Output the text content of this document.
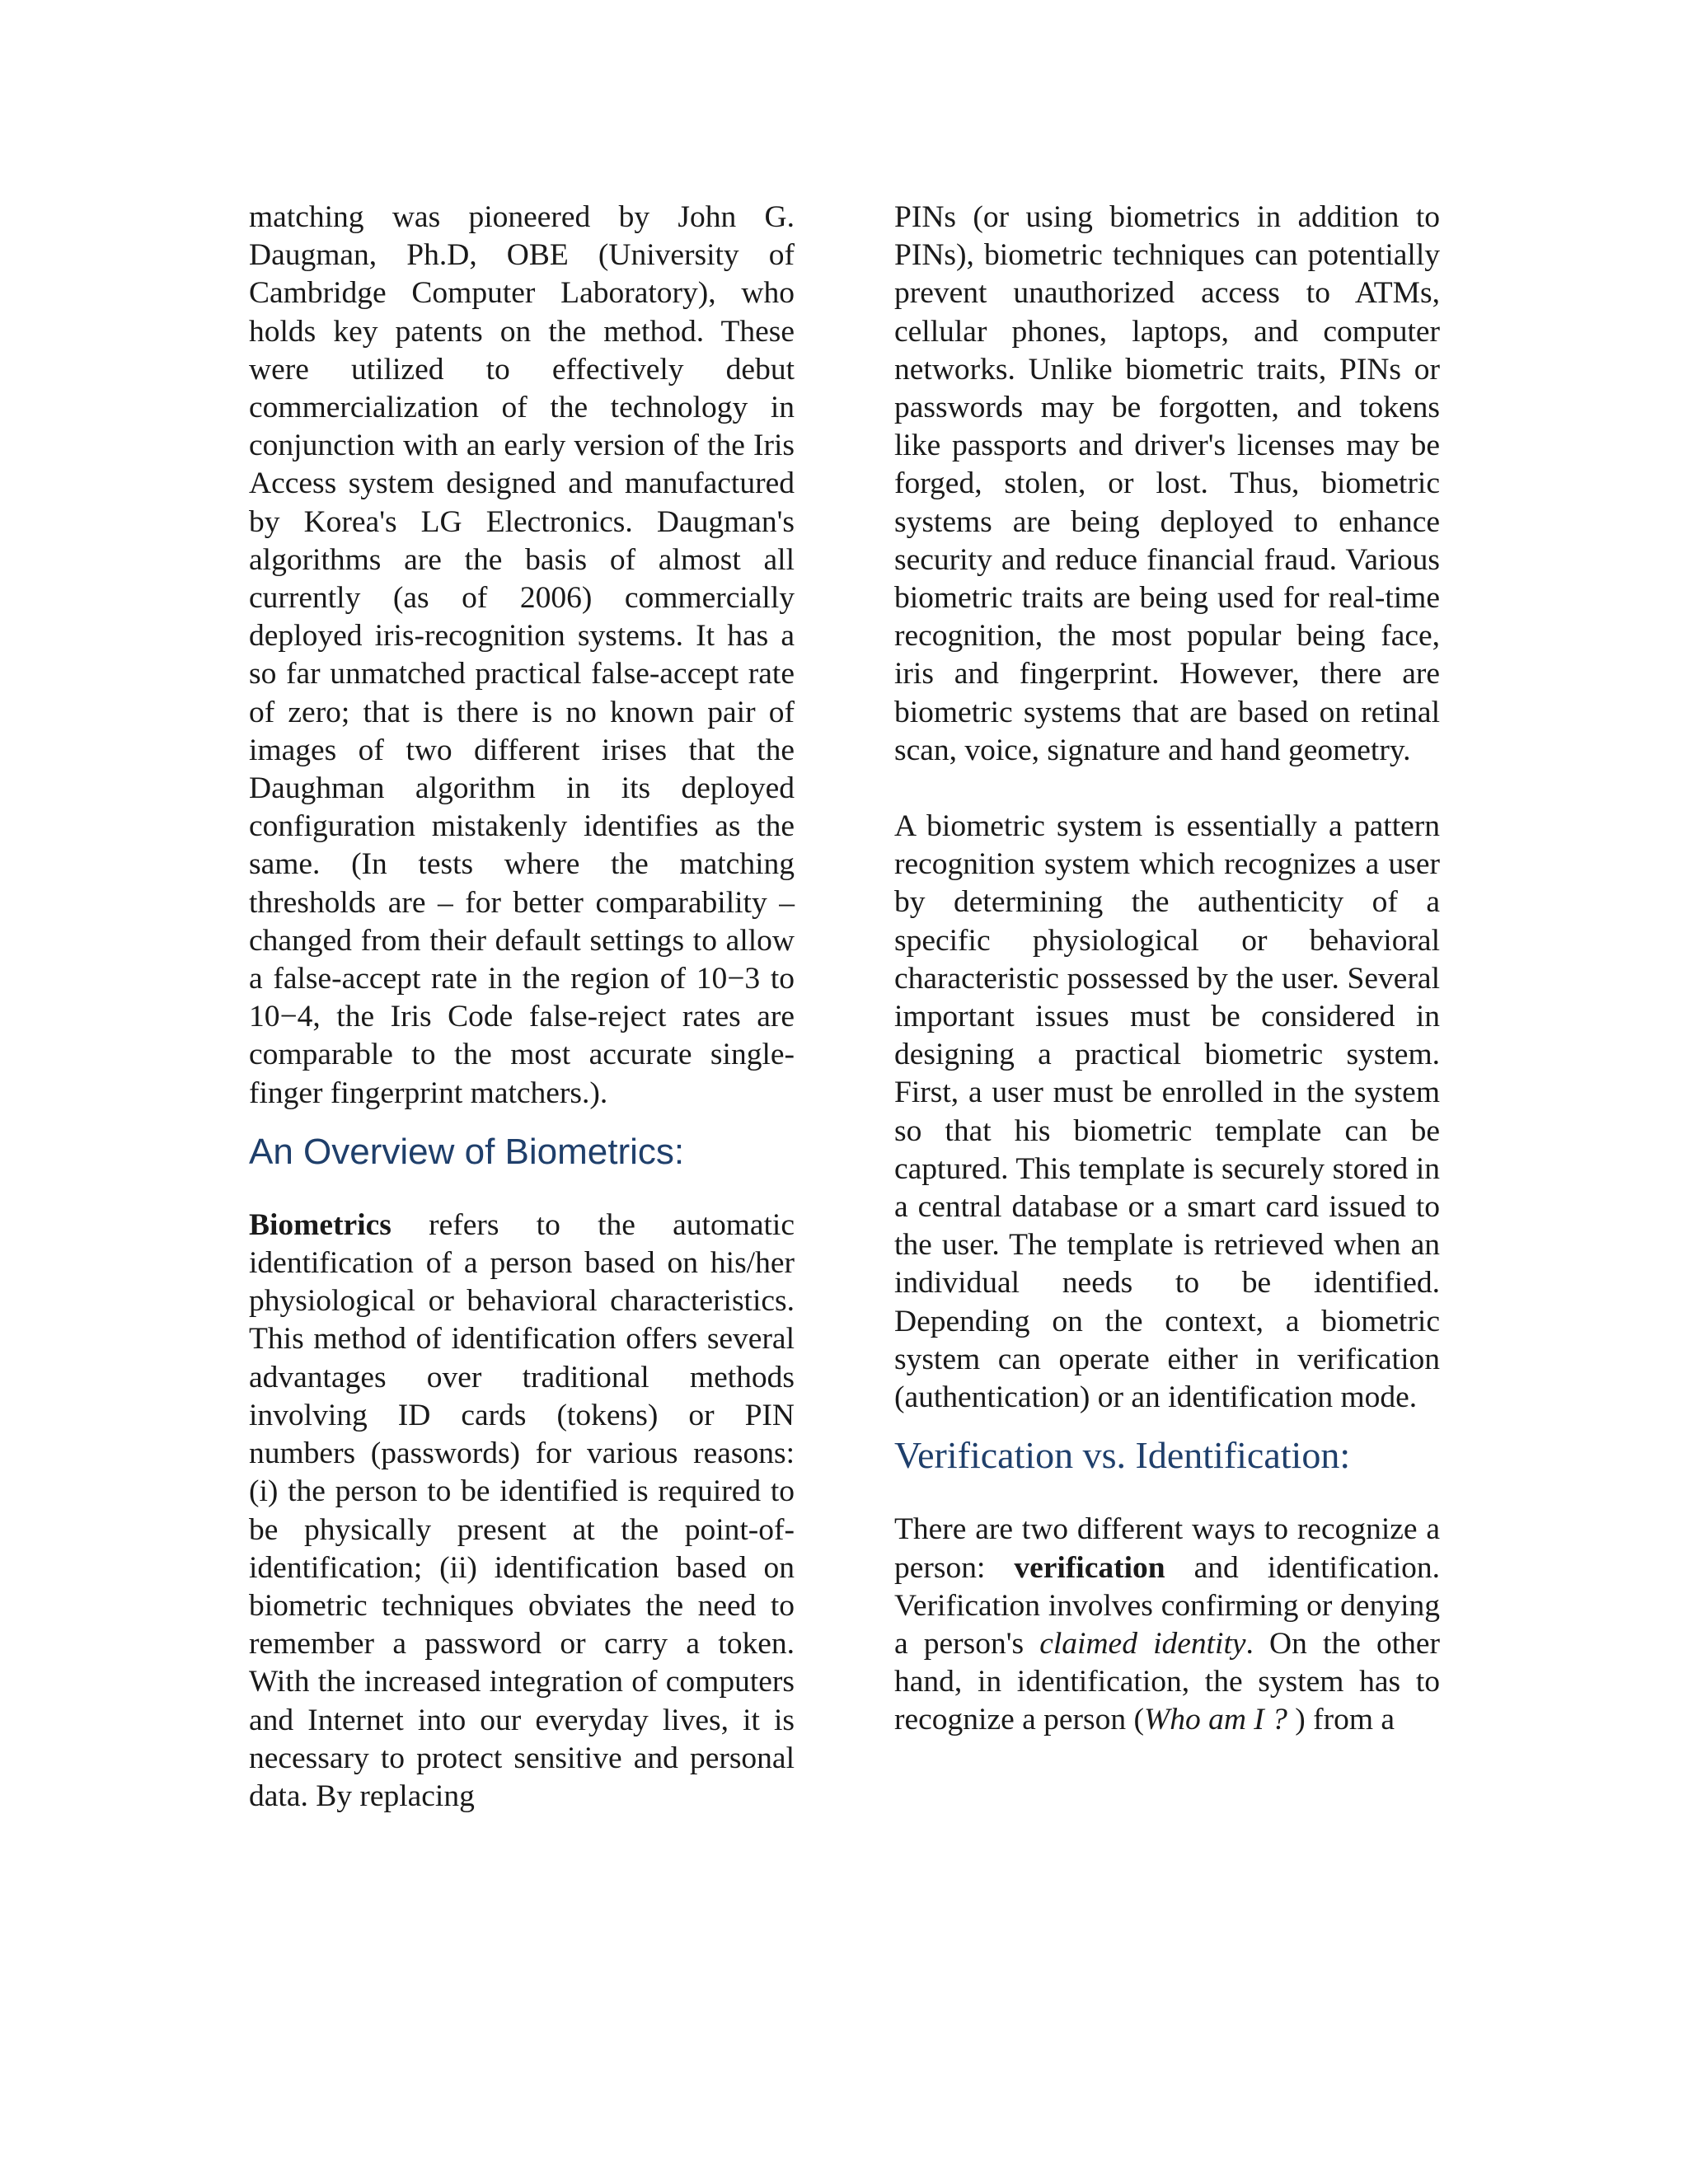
matching was pioneered by John G. Daugman, Ph.D, OBE (University of Cambridge Computer Laboratory), who holds key patents on the method. These were utilized to effectively debut commercialization of the technology in conjunction with an early version of the Iris Access system designed and manufactured by Korea's LG Electronics. Daugman's algorithms are the basis of almost all currently (as of 2006) commercially deployed iris-recognition systems. It has a so far unmatched practical false-accept rate of zero; that is there is no known pair of images of two different irises that the Daughman algorithm in its deployed configuration mistakenly identifies as the same. (In tests where the matching thresholds are – for better comparability – changed from their default settings to allow a false-accept rate in the region of 10−3 to 10−4, the Iris Code false-reject rates are comparable to the most accurate single-finger fingerprint matchers.).

An Overview of Biometrics:

Biometrics refers to the automatic identification of a person based on his/her physiological or behavioral characteristics. This method of identification offers several advantages over traditional methods involving ID cards (tokens) or PIN numbers (passwords) for various reasons: (i) the person to be identified is required to be physically present at the point-of-identification; (ii) identification based on biometric techniques obviates the need to remember a password or carry a token. With the increased integration of computers and Internet into our everyday lives, it is necessary to protect sensitive and personal data. By replacing

PINs (or using biometrics in addition to PINs), biometric techniques can potentially prevent unauthorized access to ATMs, cellular phones, laptops, and computer networks. Unlike biometric traits, PINs or passwords may be forgotten, and tokens like passports and driver's licenses may be forged, stolen, or lost. Thus, biometric systems are being deployed to enhance security and reduce financial fraud. Various biometric traits are being used for real-time recognition, the most popular being face, iris and fingerprint. However, there are biometric systems that are based on retinal scan, voice, signature and hand geometry.

A biometric system is essentially a pattern recognition system which recognizes a user by determining the authenticity of a specific physiological or behavioral characteristic possessed by the user. Several important issues must be considered in designing a practical biometric system. First, a user must be enrolled in the system so that his biometric template can be captured. This template is securely stored in a central database or a smart card issued to the user. The template is retrieved when an individual needs to be identified. Depending on the context, a biometric system can operate either in verification (authentication) or an identification mode.

Verification vs. Identification:

There are two different ways to recognize a person: verification and identification. Verification involves confirming or denying a person's claimed identity. On the other hand, in identification, the system has to recognize a person (Who am I ? ) from a
